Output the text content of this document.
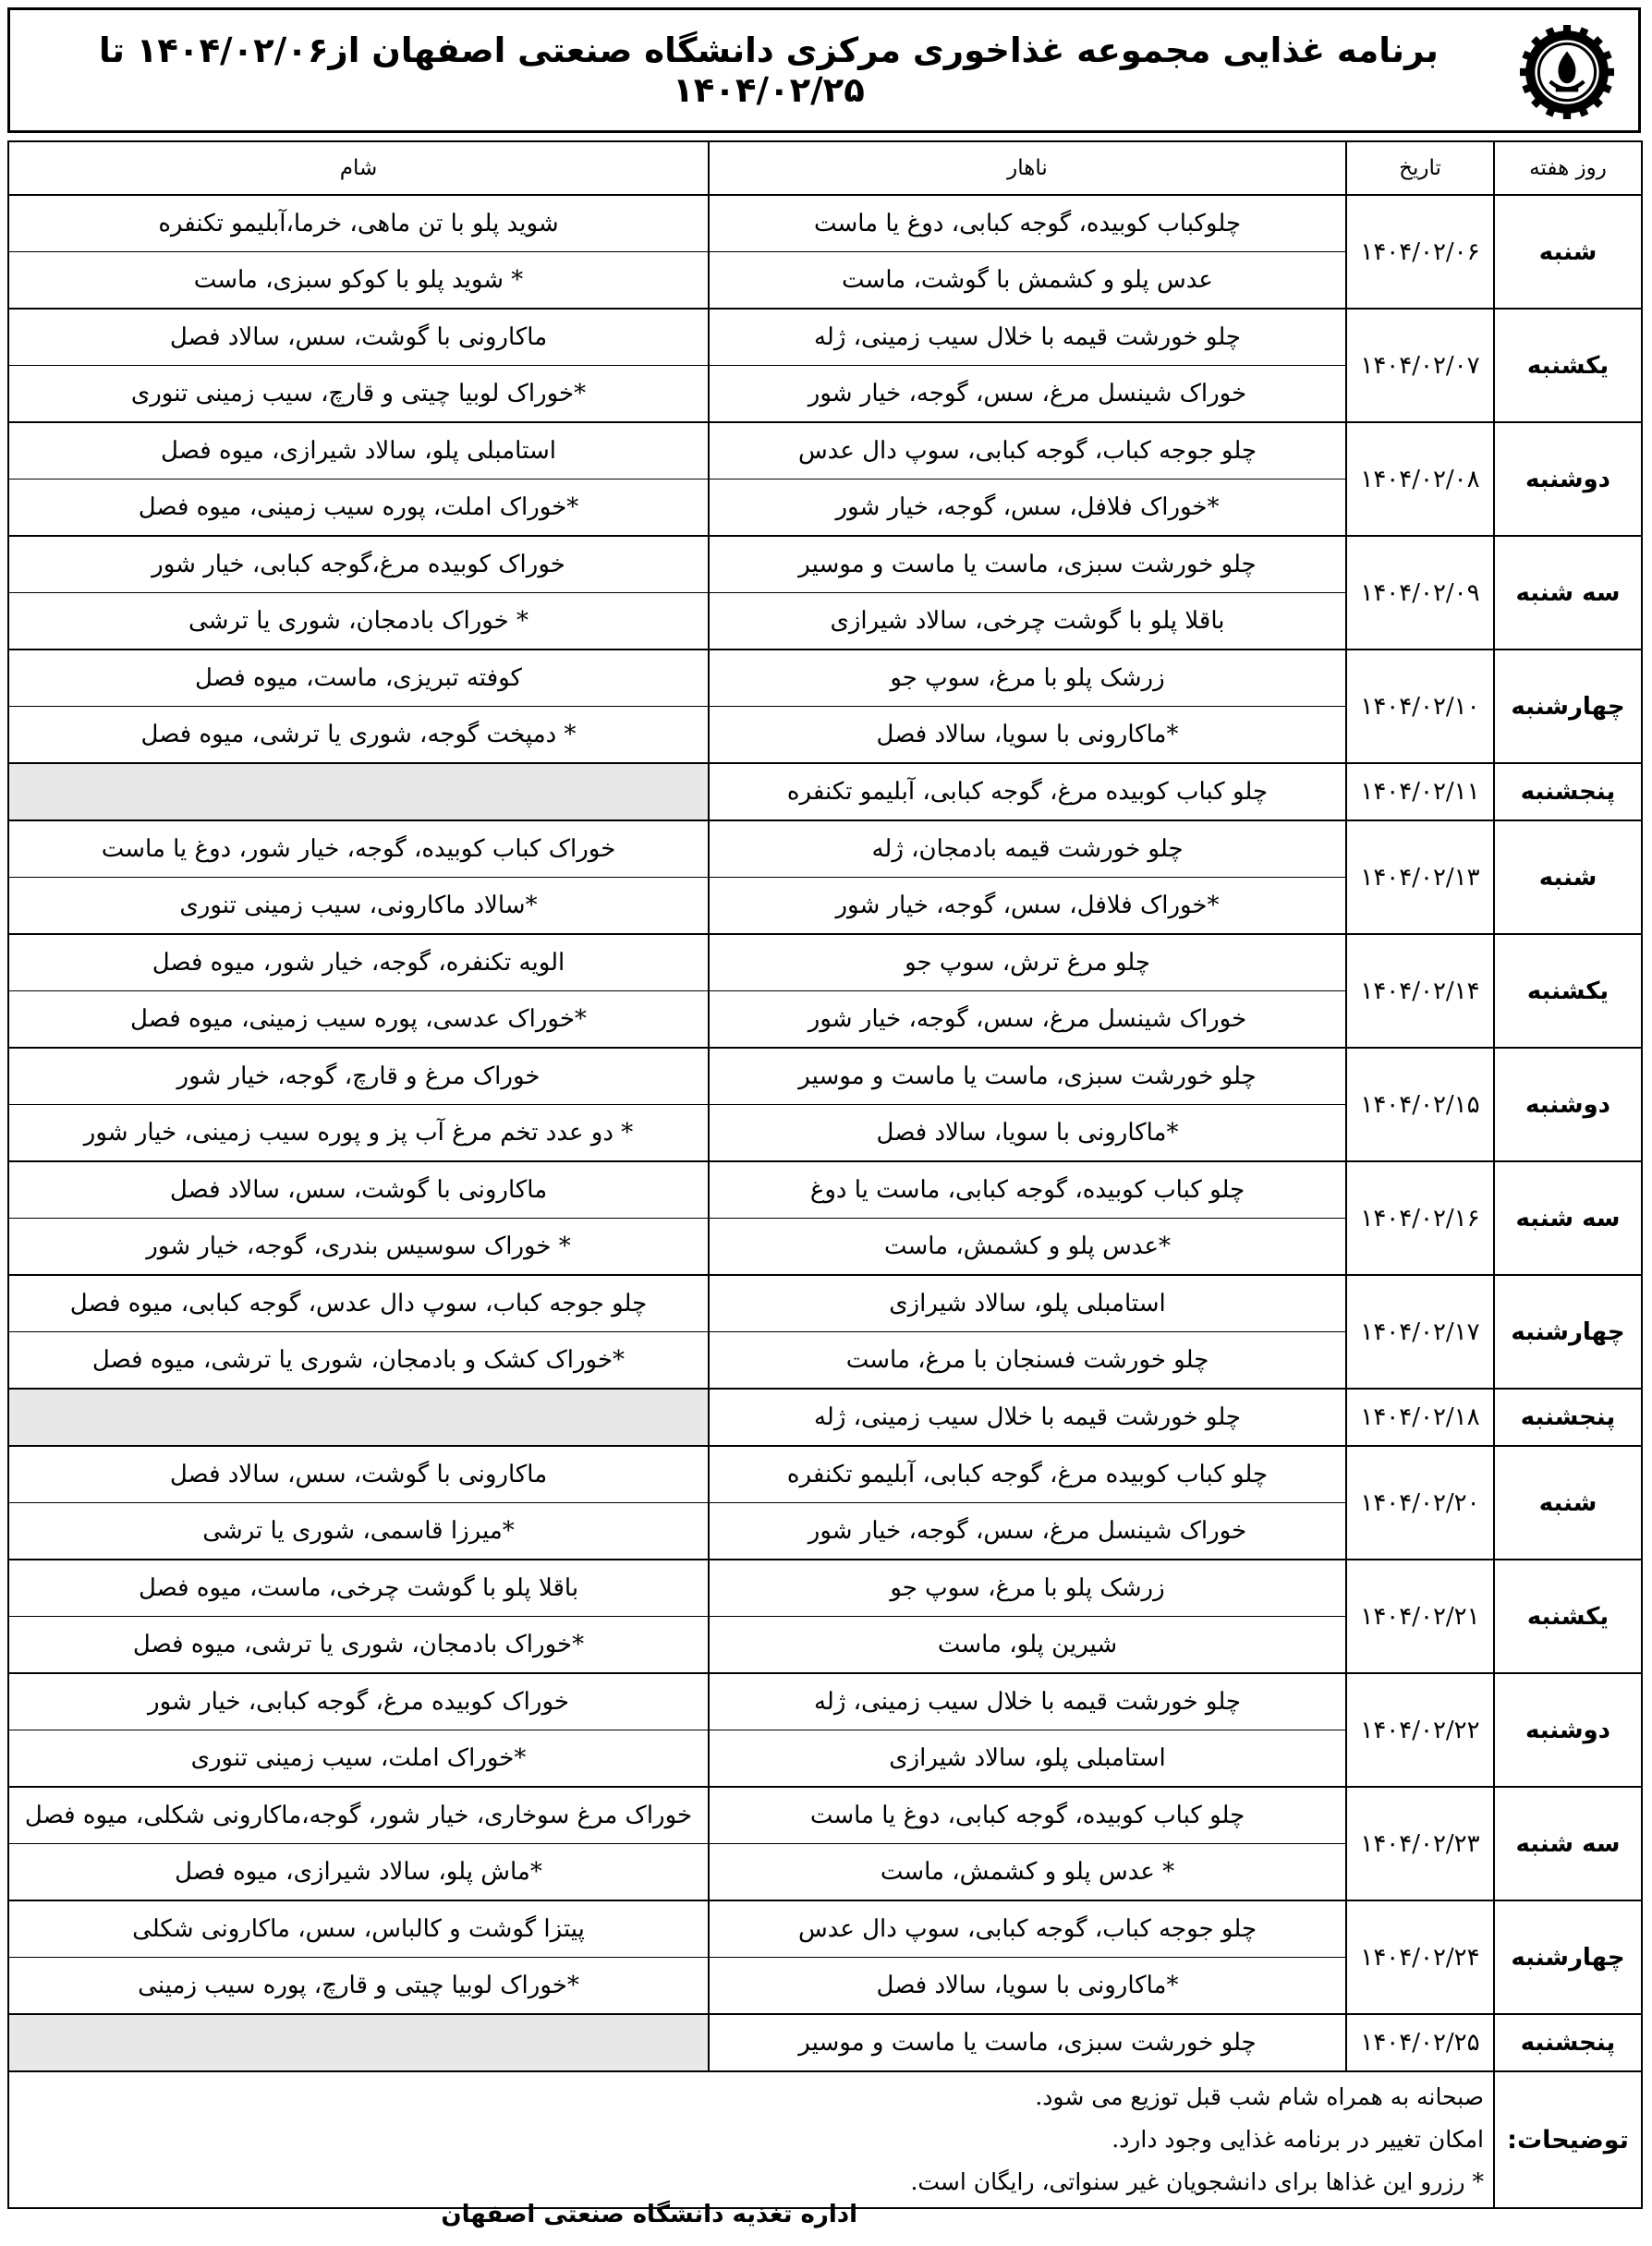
برنامه غذایی مجموعه غذاخوری مرکزی دانشگاه صنعتی اصفهان از۱۴۰۴/۰۲/۰۶ تا ۱۴۰۴/۰۲/۲۵
روز هفته	تاریخ	ناهار	شام
شنبه	۱۴۰۴/۰۲/۰۶	چلوکباب کوبیده، گوجه کبابی، دوغ یا ماست	شوید پلو با تن ماهی، خرما،آبلیمو تکنفره
		عدس پلو و کشمش با گوشت، ماست	* شوید پلو با کوکو سبزی، ماست
یکشنبه	۱۴۰۴/۰۲/۰۷	چلو خورشت قیمه با خلال سیب زمینی، ژله	ماکارونی با گوشت، سس، سالاد فصل
		خوراک شینسل مرغ، سس، گوجه، خیار شور	*خوراک لوبیا چیتی و قارچ، سیب زمینی تنوری
دوشنبه	۱۴۰۴/۰۲/۰۸	چلو جوجه کباب، گوجه کبابی، سوپ دال عدس	استامبلی پلو، سالاد شیرازی، میوه فصل
		*خوراک فلافل، سس، گوجه، خیار شور	*خوراک املت، پوره سیب زمینی، میوه فصل
سه شنبه	۱۴۰۴/۰۲/۰۹	چلو خورشت سبزی، ماست یا ماست و موسیر	خوراک کوبیده مرغ،گوجه کبابی، خیار شور
		باقلا پلو با گوشت چرخی، سالاد شیرازی	* خوراک بادمجان، شوری یا ترشی
چهارشنبه	۱۴۰۴/۰۲/۱۰	زرشک پلو با مرغ، سوپ جو	کوفته تبریزی، ماست، میوه فصل
		*ماکارونی با سویا، سالاد فصل	* دمپخت گوجه، شوری یا ترشی، میوه فصل
پنجشنبه	۱۴۰۴/۰۲/۱۱	چلو کباب کوبیده مرغ، گوجه کبابی، آبلیمو تکنفره	
شنبه	۱۴۰۴/۰۲/۱۳	چلو خورشت قیمه بادمجان، ژله	خوراک کباب کوبیده، گوجه، خیار شور، دوغ یا ماست
		*خوراک فلافل، سس، گوجه، خیار شور	*سالاد ماکارونی، سیب زمینی تنوری
یکشنبه	۱۴۰۴/۰۲/۱۴	چلو مرغ ترش، سوپ جو	الویه تکنفره، گوجه، خیار شور، میوه فصل
		خوراک شینسل مرغ، سس، گوجه، خیار شور	*خوراک عدسی، پوره سیب زمینی، میوه فصل
دوشنبه	۱۴۰۴/۰۲/۱۵	چلو خورشت سبزی، ماست یا ماست و موسیر	خوراک مرغ و قارچ، گوجه، خیار شور
		*ماکارونی با سویا، سالاد فصل	* دو عدد تخم مرغ آب پز و پوره سیب زمینی، خیار شور
سه شنبه	۱۴۰۴/۰۲/۱۶	چلو کباب کوبیده، گوجه کبابی، ماست یا دوغ	ماکارونی با گوشت، سس، سالاد فصل
		*عدس پلو و کشمش، ماست	* خوراک سوسیس بندری، گوجه، خیار شور
چهارشنبه	۱۴۰۴/۰۲/۱۷	استامبلی پلو، سالاد شیرازی	چلو جوجه کباب، سوپ دال عدس، گوجه کبابی، میوه فصل
		چلو خورشت فسنجان با مرغ، ماست	*خوراک کشک و بادمجان، شوری یا ترشی، میوه فصل
پنجشنبه	۱۴۰۴/۰۲/۱۸	چلو خورشت قیمه با خلال سیب زمینی، ژله	
شنبه	۱۴۰۴/۰۲/۲۰	چلو کباب کوبیده مرغ، گوجه کبابی، آبلیمو تکنفره	ماکارونی با گوشت، سس، سالاد فصل
		خوراک شینسل مرغ، سس، گوجه، خیار شور	*میرزا قاسمی، شوری یا ترشی
یکشنبه	۱۴۰۴/۰۲/۲۱	زرشک پلو با مرغ، سوپ جو	باقلا پلو با گوشت چرخی، ماست، میوه فصل
		شیرین پلو، ماست	*خوراک بادمجان، شوری یا ترشی، میوه فصل
دوشنبه	۱۴۰۴/۰۲/۲۲	چلو خورشت قیمه با خلال سیب زمینی، ژله	خوراک کوبیده مرغ، گوجه کبابی، خیار شور
		استامبلی پلو، سالاد شیرازی	*خوراک املت، سیب زمینی تنوری
سه شنبه	۱۴۰۴/۰۲/۲۳	چلو کباب کوبیده، گوجه کبابی، دوغ یا ماست	خوراک مرغ سوخاری، خیار شور، گوجه،ماکارونی شکلی، میوه فصل
		* عدس پلو و کشمش، ماست	*ماش پلو، سالاد شیرازی، میوه فصل
چهارشنبه	۱۴۰۴/۰۲/۲۴	چلو جوجه کباب، گوجه کبابی، سوپ دال عدس	پیتزا گوشت و کالباس، سس، ماکارونی شکلی
		*ماکارونی با سویا، سالاد فصل	*خوراک لوبیا چیتی و قارچ، پوره سیب زمینی
پنجشنبه	۱۴۰۴/۰۲/۲۵	چلو خورشت سبزی، ماست یا ماست و موسیر	
توضیحات:	صبحانه به همراه شام شب قبل توزیع می شود.
امکان تغییر در برنامه غذایی وجود دارد.
* رزرو این غذاها برای دانشجویان غیر سنواتی، رایگان است.		
اداره تغذیه دانشگاه صنعتی اصفهان
